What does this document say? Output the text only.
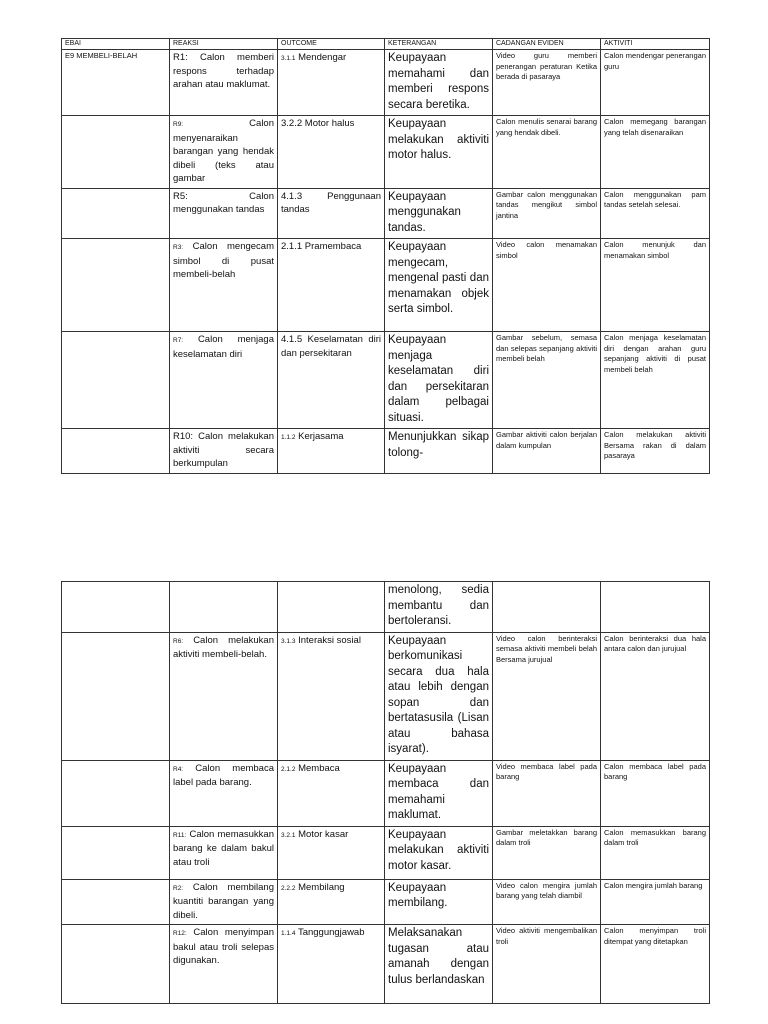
EBAI	REAKSI	OUTCOME	KETERANGAN	CADANGAN EVIDEN	AKTIVITI
E9 MEMBELI-BELAH	R1: Calon memberi respons terhadap arahan atau maklumat.	3.1.1 Mendengar	Keupayaan memahami dan memberi respons secara beretika.	Video guru memberi penerangan peraturan Ketika berada di pasaraya	Calon mendengar penerangan guru
	R9: Calon menyenaraikan barangan yang hendak dibeli (teks atau gambar	3.2.2 Motor halus	Keupayaan melakukan aktiviti motor halus.	Calon menulis senarai barang yang hendak dibeli.	Calon memegang barangan yang telah disenaraikan
	R5: Calon menggunakan tandas	4.1.3 Penggunaan tandas	Keupayaan menggunakan tandas.	Gambar calon menggunakan tandas mengikut simbol jantina	Calon menggunakan pam tandas setelah selesai.
	R3: Calon mengecam simbol di pusat membeli-belah	2.1.1 Pramembaca	Keupayaan mengecam, mengenal pasti dan menamakan objek serta simbol.	Video calon menamakan simbol	Calon menunjuk dan menamakan simbol
	R7: Calon menjaga keselamatan diri	4.1.5 Keselamatan diri dan persekitaran	Keupayaan menjaga keselamatan diri dan persekitaran dalam pelbagai situasi.	Gambar sebelum, semasa dan selepas sepanjang aktiviti membeli belah	Calon menjaga keselamatan diri dengan arahan guru sepanjang aktiviti di pusat membeli belah
	R10: Calon melakukan aktiviti secara berkumpulan	1.1.2 Kerjasama	Menunjukkan sikap tolong-	Gambar aktiviti calon berjalan dalam kumpulan	Calon melakukan aktiviti Bersama rakan di dalam pasaraya
			menolong, sedia membantu dan bertoleransi.		
	R6: Calon melakukan aktiviti membeli-belah.	3.1.3 Interaksi sosial	Keupayaan berkomunikasi secara dua hala atau lebih dengan sopan dan bertatasusila (Lisan atau bahasa isyarat).	Video calon berinteraksi semasa aktiviti membeli belah Bersama jurujual	Calon berinteraksi dua hala antara calon dan jurujual
	R4: Calon membaca label pada barang.	2.1.2 Membaca	Keupayaan membaca dan memahami maklumat.	Video membaca label pada barang	Calon membaca label pada barang
	R11: Calon memasukkan barang ke dalam bakul atau troli	3.2.1 Motor kasar	Keupayaan melakukan aktiviti motor kasar.	Gambar meletakkan barang dalam troli	Calon memasukkan barang dalam troli
	R2: Calon membilang kuantiti barangan yang dibeli.	2.2.2 Membilang	Keupayaan membilang.	Video calon mengira jumlah barang yang telah diambil	Calon mengira jumlah barang
	R12: Calon menyimpan bakul atau troli selepas digunakan.	1.1.4 Tanggungjawab	Melaksanakan tugasan atau amanah dengan tulus berlandaskan	Video aktiviti mengembalikan troli	Calon menyimpan troli ditempat yang ditetapkan
